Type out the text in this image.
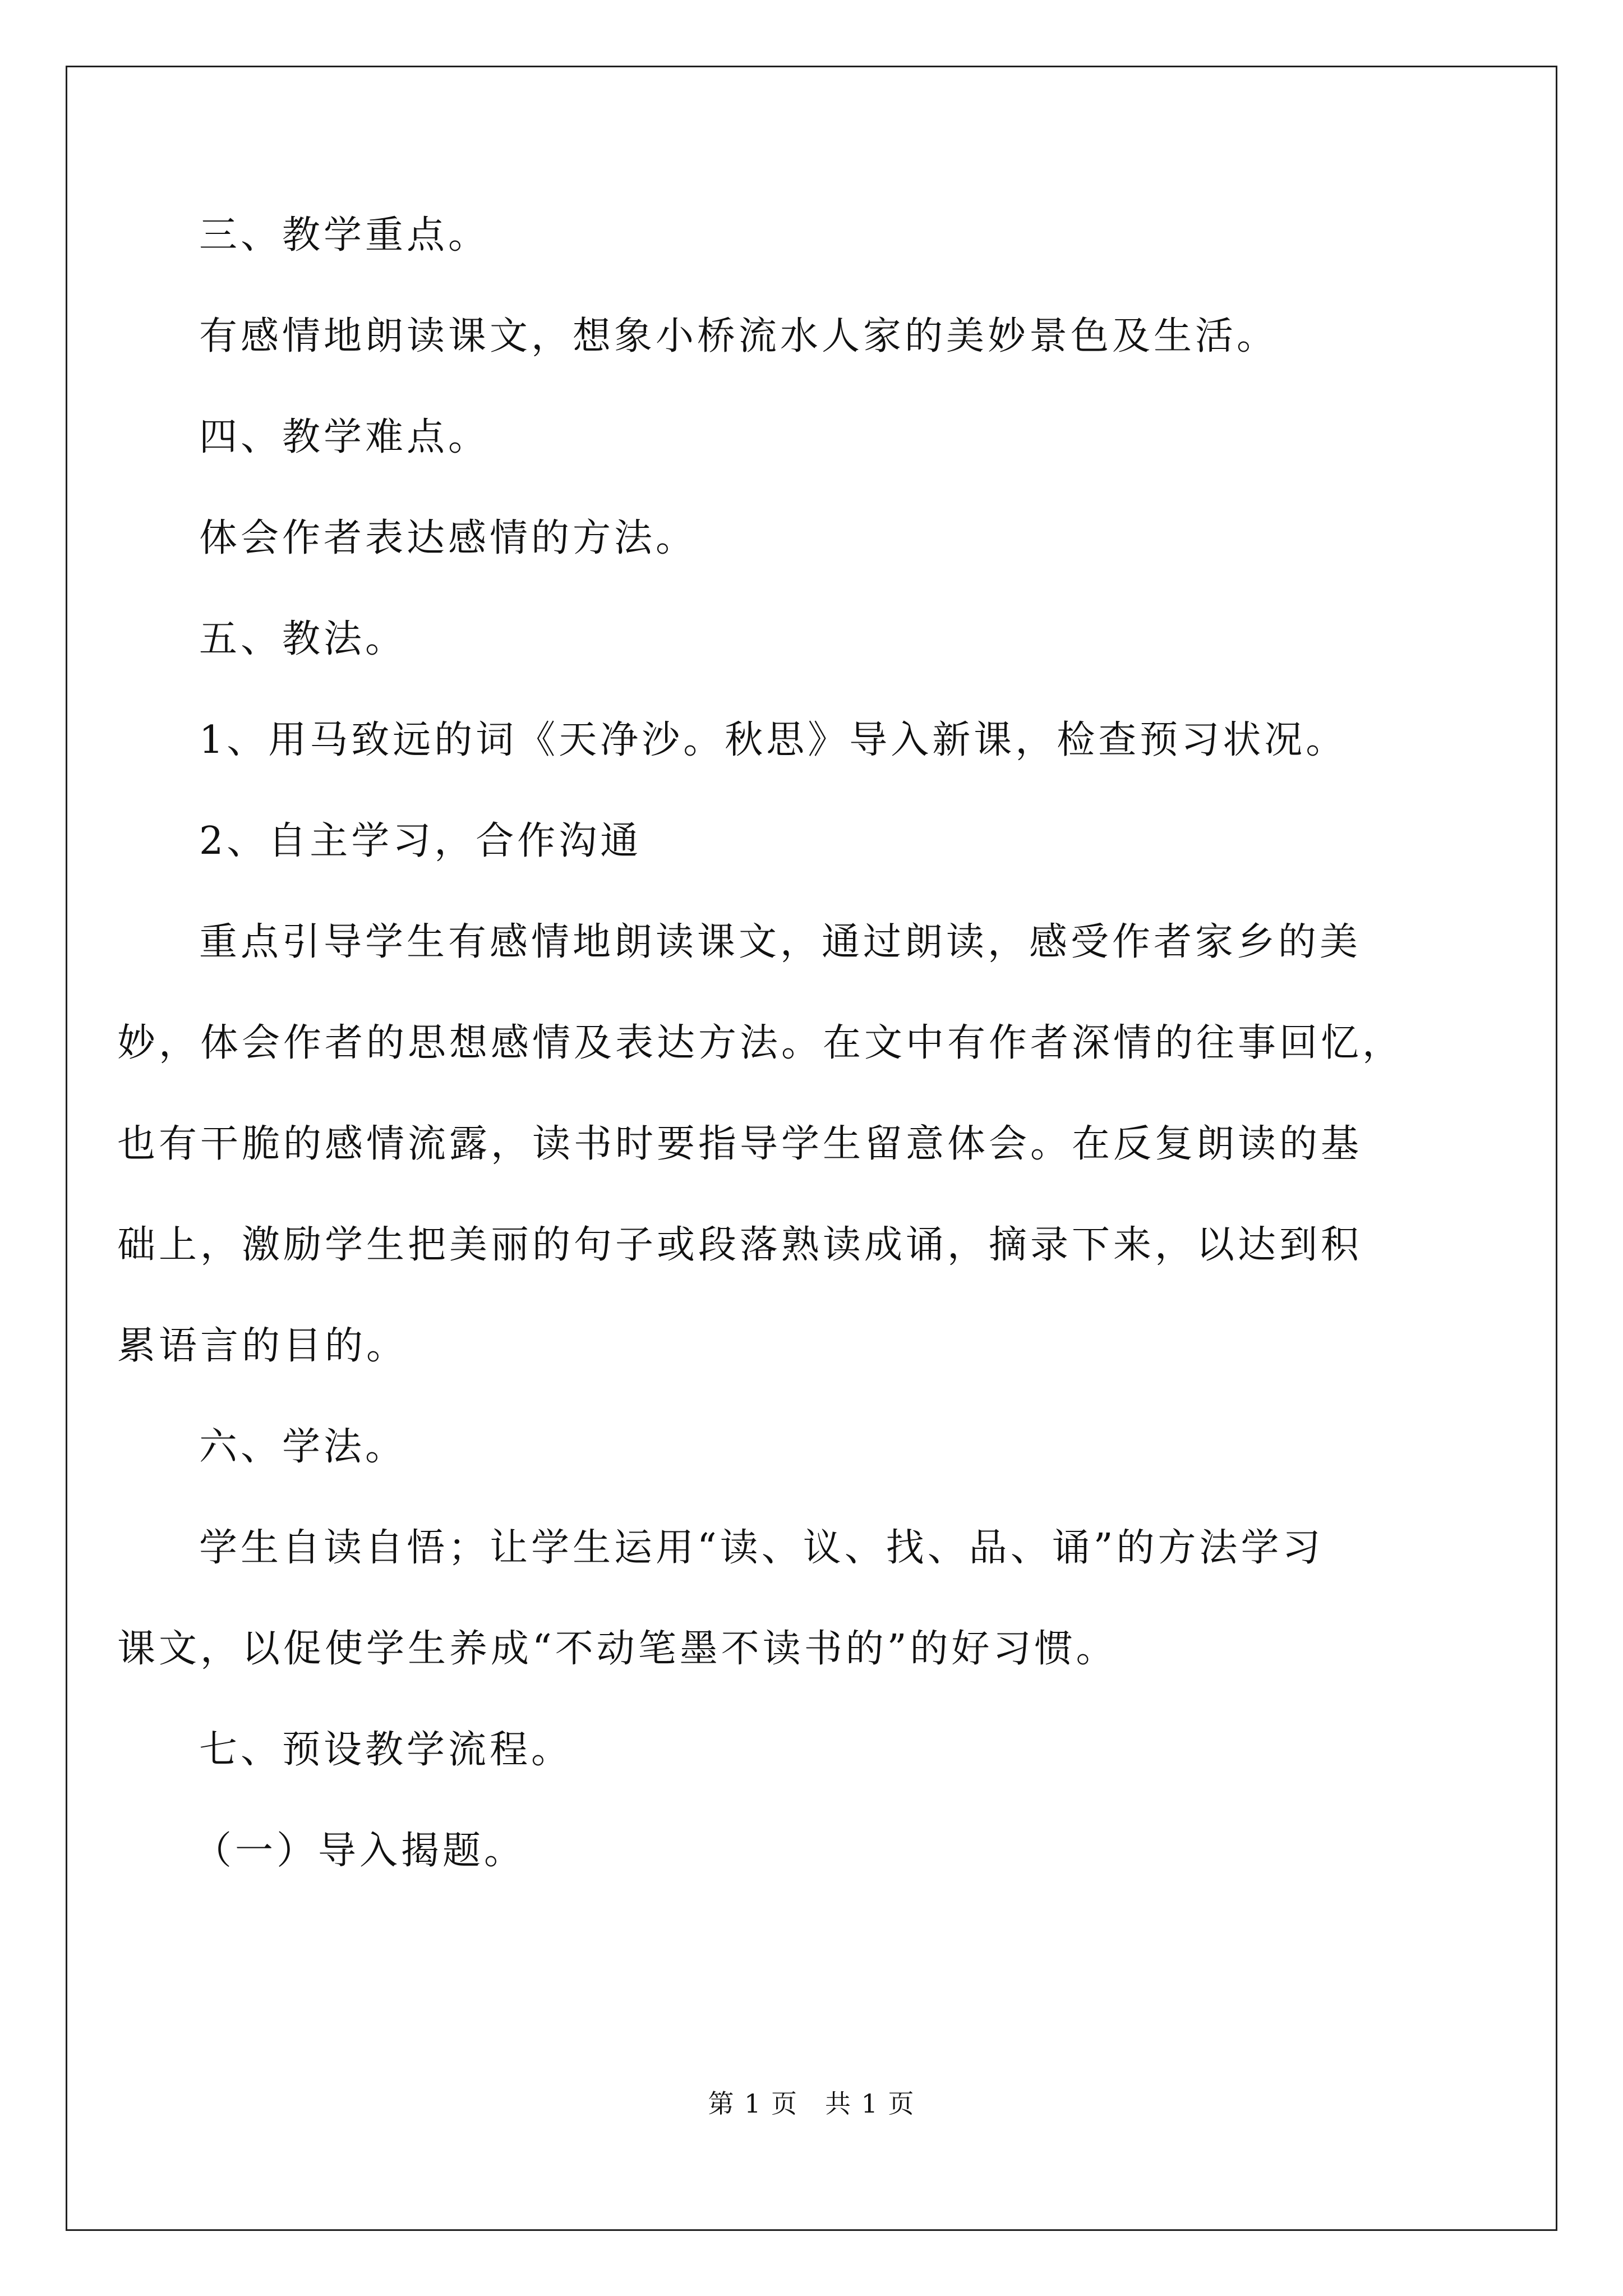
三、教学重点。
有感情地朗读课文，想象小桥流水人家的美妙景色及生活。
四、教学难点。
体会作者表达感情的方法。
五、教法。
1、用马致远的词《天净沙。秋思》导入新课，检查预习状况。
2、自主学习，合作沟通
重点引导学生有感情地朗读课文，通过朗读，感受作者家乡的美
妙，体会作者的思想感情及表达方法。在文中有作者深情的往事回忆，
也有干脆的感情流露，读书时要指导学生留意体会。在反复朗读的基
础上，激励学生把美丽的句子或段落熟读成诵，摘录下来，以达到积
累语言的目的。
六、学法。
学生自读自悟；让学生运用“读、议、找、品、诵”的方法学习
课文，以促使学生养成“不动笔墨不读书的”的好习惯。
七、预设教学流程。
（一）导入揭题。
第 1 页　共 1 页
